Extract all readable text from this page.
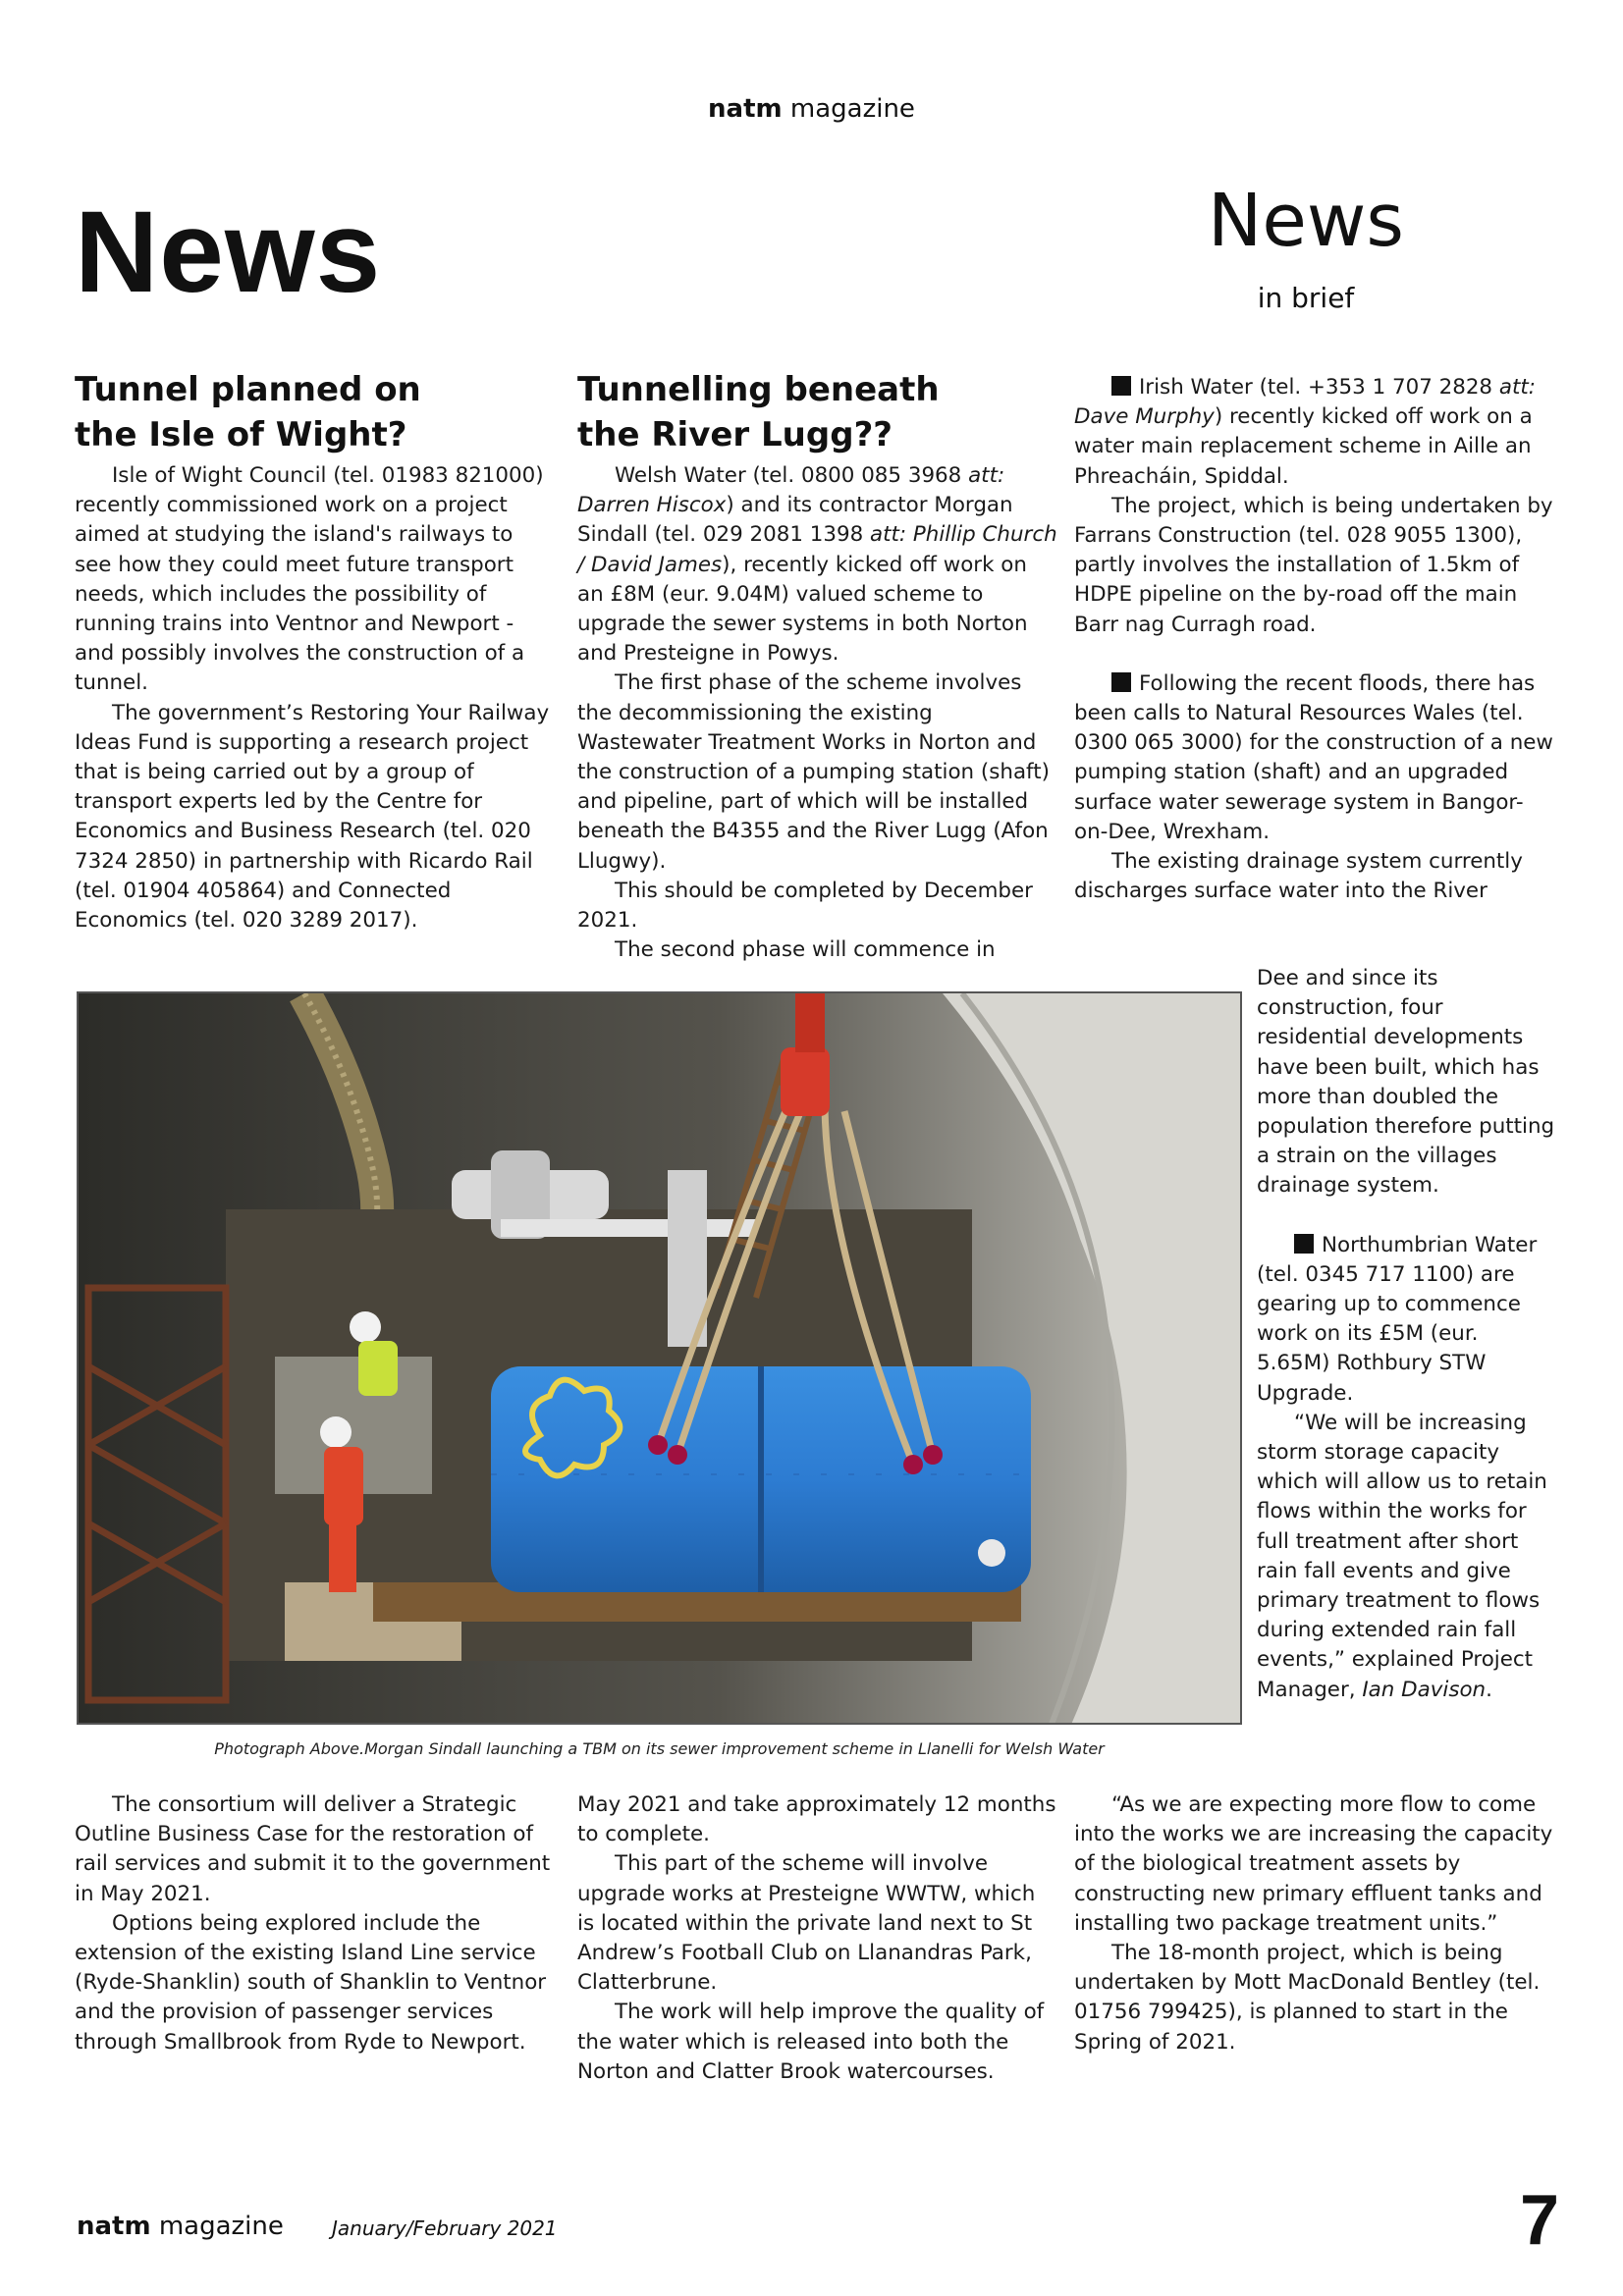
natm magazine
News	News
in brief
Tunnel planned on
the Isle of Wight?

Isle of Wight Council (tel. 01983 821000) recently commissioned work on a project aimed at studying the island's railways to see how they could meet future transport needs, which includes the possibility of running trains into Ventnor and Newport - and possibly involves the construction of a tunnel.

The government’s Restoring Your Railway Ideas Fund is supporting a research project that is being carried out by a group of transport experts led by the Centre for Economics and Business Research (tel. 020 7324 2850) in partnership with Ricardo Rail (tel. 01904 405864) and Connected Economics (tel. 020 3289 2017).

Tunnelling beneath
the River Lugg??

Welsh Water (tel. 0800 085 3968 att: Darren Hiscox) and its contractor Morgan Sindall (tel. 029 2081 1398 att: Phillip Church / David James), recently kicked off work on an £8M (eur. 9.04M) valued scheme to upgrade the sewer systems in both Norton and Presteigne in Powys.

The first phase of the scheme involves the decommissioning the existing Wastewater Treatment Works in Norton and the construction of a pumping station (shaft) and pipeline, part of which will be installed beneath the B4355 and the River Lugg (Afon Llugwy).

This should be completed by December 2021.

The second phase will commence in

Irish Water (tel. +353 1 707 2828 att: Dave Murphy) recently kicked off work on a water main replacement scheme in Aille an Phreacháin, Spiddal.

The project, which is being undertaken by Farrans Construction (tel. 028 9055 1300), partly involves the installation of 1.5km of HDPE pipeline on the by-road off the main Barr nag Curragh road.

Following the recent floods, there has been calls to Natural Resources Wales (tel. 0300 065 3000) for the construction of a new pumping station (shaft) and an upgraded surface water sewerage system in Bangor-on-Dee, Wrexham.

The existing drainage system currently discharges surface water into the River

Dee and since its construction, four residential developments have been built, which has more than doubled the population therefore putting a strain on the villages drainage system.

Northumbrian Water (tel. 0345 717 1100) are gearing up to commence work on its £5M (eur. 5.65M) Rothbury STW Upgrade.

“We will be increasing storm storage capacity which will allow us to retain flows within the works for full treatment after short rain fall events and give primary treatment to flows during extended rain fall events,” explained Project Manager, Ian Davison.

Photograph Above.Morgan Sindall launching a TBM on its sewer improvement scheme in Llanelli for Welsh Water

The consortium will deliver a Strategic Outline Business Case for the restoration of rail services and submit it to the government in May 2021.

Options being explored include the extension of the existing Island Line service (Ryde-Shanklin) south of Shanklin to Ventnor and the provision of passenger services through Smallbrook from Ryde to Newport.

May 2021 and take approximately 12 months to complete.

This part of the scheme will involve upgrade works at Presteigne WWTW, which is located within the private land next to St Andrew’s Football Club on Llanandras Park, Clatterbrune.

The work will help improve the quality of the water which is released into both the Norton and Clatter Brook watercourses.

“As we are expecting more flow to come into the works we are increasing the capacity of the biological treatment assets by constructing new primary effluent tanks and installing two package treatment units.”

The 18-month project, which is being undertaken by Mott MacDonald Bentley (tel. 01756 799425), is planned to start in the Spring of 2021.

natm magazine January/February 2021	7
